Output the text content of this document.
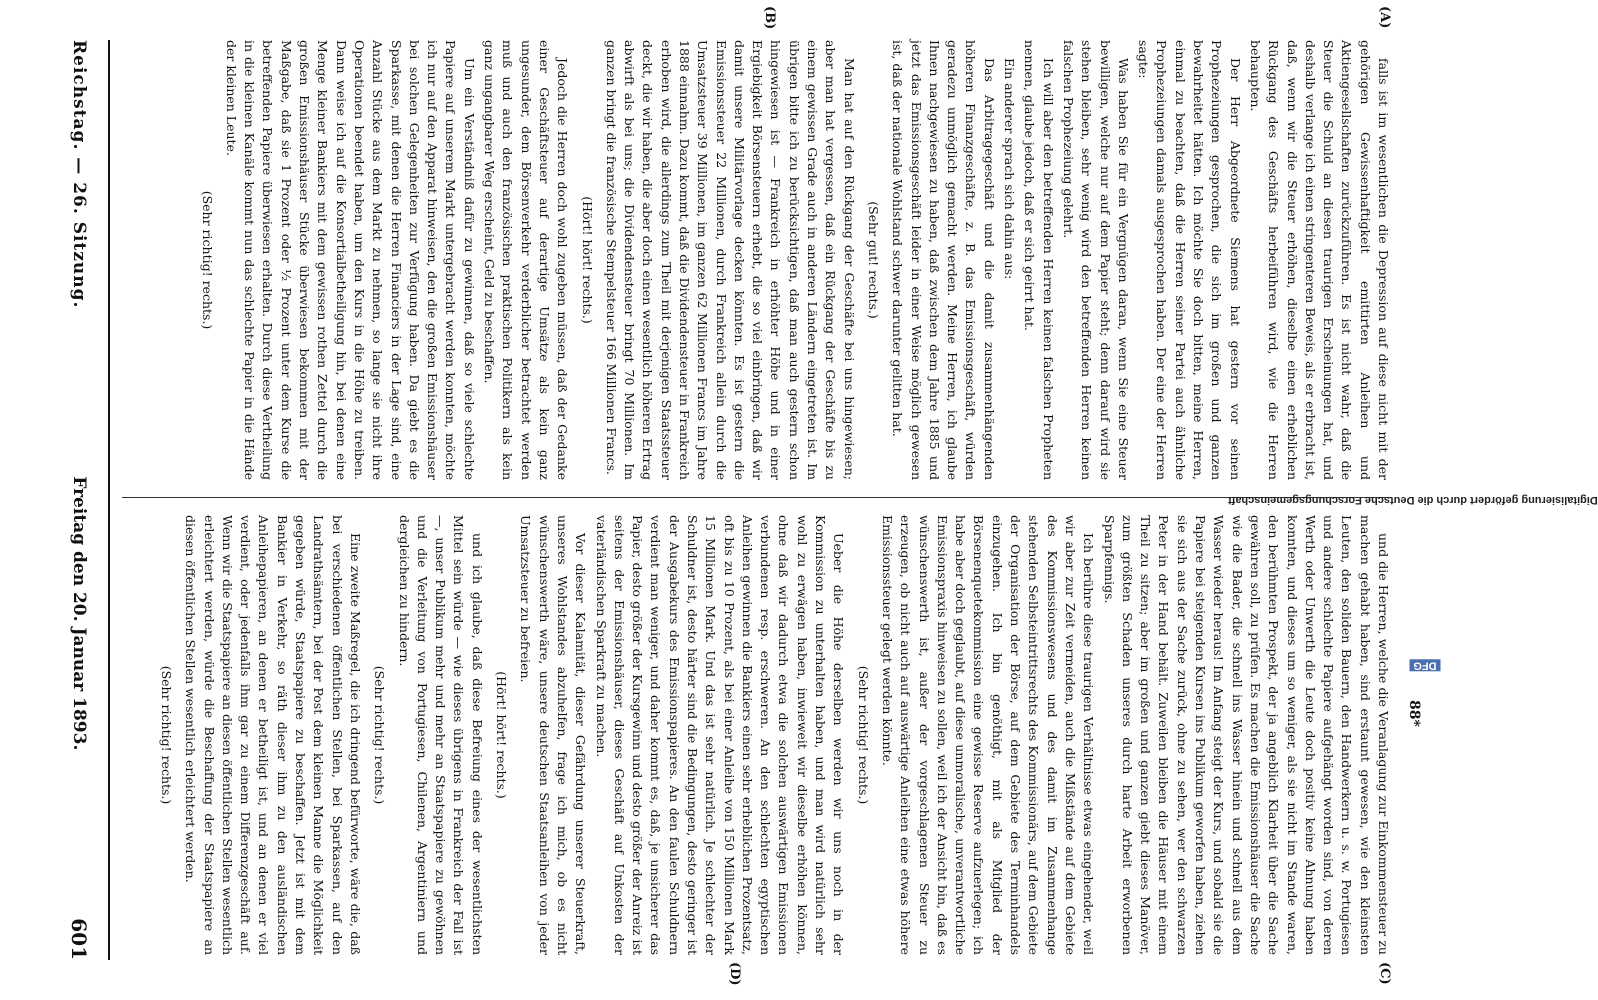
Reichstag. — 26. Sitzung.
Freitag den 20. Januar 1893.
601
(A)
(B)
(C)
(D)

falls ist im wesentlichen die Depression auf diese nicht mit der gehörigen Gewissenhaftigkeit emittirten Anleihen und Aktiengesellschaften zurückzuführen. Es ist nicht wahr, daß die Steuer die Schuld an diesen traurigen Erscheinungen hat, und deshalb verlange ich einen stringenteren Beweis, als er erbracht ist, daß, wenn wir die Steuer erhöhen, dieselbe einen erheblichen Rückgang des Geschäfts herbeiführen wird, wie die Herren behaupten.

Der Herr Abgeordnete Siemens hat gestern vor seinen Prophezeiungen gesprochen, die sich im großen und ganzen bewahrheitet hätten. Ich möchte Sie doch bitten, meine Herren, einmal zu beachten, daß die Herren seiner Partei auch ähnliche Prophezeiungen damals ausgesprochen haben. Der eine der Herren sagte:

Was haben Sie für ein Vergnügen daran, wenn Sie eine Steuer bewilligen, welche nur auf dem Papier steht; denn darauf wird sie stehen bleiben, sehr wenig wird den betreffenden Herren keinen falschen Prophezeiung gelehrt.

Ich will aber den betreffenden Herren keinen falschen Propheten nennen, glaube jedoch, daß er sich geirrt hat.

Ein anderer sprach sich dahin aus:

Das Arbitragegeschäft und die damit zusammenhängenden höheren Finanzgeschäfte, z. B. das Emissionsgeschäft, würden geradezu unmöglich gemacht werden. Meine Herren, ich glaube Ihnen nachgewiesen zu haben, daß zwischen dem Jahre 1885 und jetzt das Emissionsgeschäft leider in einer Weise möglich gewesen ist, daß der nationale Wohlstand schwer darunter gelitten hat.

(Sehr gut! rechts.)

Man hat auf den Rückgang der Geschäfte bei uns hingewiesen; aber man hat vergessen, daß ein Rückgang der Geschäfte bis zu einem gewissen Grade auch in anderen Ländern eingetreten ist. Im übrigen bitte ich zu berücksichtigen, daß man auch gestern schon hingewiesen ist — Frankreich in erhöhter Höhe und in einer Ergiebigkeit Börsensteuern erhebt, die so viel einbringen, daß wir damit unsere Militärvorlage decken könnten. Es ist gestern die Emissionssteuer 22 Millionen, durch Frankreich allein durch die Umsatzsteuer 39 Millionen, im ganzen 62 Millionen Francs im Jahre 1888 einnahm. Dazu kommt, daß die Dividendensteuer in Frankreich erhoben wird, die allerdings zum Theil mit derjenigen Staatssteuer deckt, die wir haben, die aber doch einen wesentlich höheren Ertrag abwirft als bei uns; die Dividendensteuer bringt 70 Millionen. Im ganzen bringt die französische Stempelsteuer 166 Millionen Francs.

(Hört! hört! rechts.)

Jedoch die Herren doch wohl zugeben müssen, daß der Gedanke einer Geschäftsteuer auf derartige Umsätze als kein ganz ungesunder, dem Börsenverkehr verderblicher betrachtet werden muß und auch den französischen praktischen Politikern als kein ganz ungangbarer Weg erscheint, Geld zu beschaffen.

Um ein Verständniß dafür zu gewinnen, daß so viele schlechte Papiere auf unserem Markt untergebracht werden konnten, möchte ich nur auf den Apparat hinweisen, den die großen Emissionshäuser bei solchen Gelegenheiten zur Verfügung haben. Da giebt es die Sparkasse, mit denen die Herren Financiers in der Lage sind, eine Anzahl Stücke aus dem Markt zu nehmen, so lange sie nicht ihre Operationen beendet haben, um den Kurs in die Höhe zu treiben. Dann weise ich auf die Konsortialbetheiligung hin, bei denen eine Menge kleiner Bankiers mit dem gewissen rothen Zettel durch die großen Emissionshäuser Stücke überwiesen bekommen mit der Maßgabe, daß sie 1 Prozent oder ½ Prozent unter dem Kurse die betreffenden Papiere überwiesen erhalten. Durch diese Vertheilung in die kleinen Kanäle kommt nun das schlechte Papier in die Hände der kleinen Leute.

(Sehr richtig! rechts.)

und die Herren, welche die Veranlagung zur Einkommensteuer zu machen gehabt haben, sind erstaunt gewesen, wie den kleinsten Leuten, den soliden Bauern, den Handwerkern u. s. w. Portugiesen und andere schlechte Papiere aufgehängt worden sind, von deren Werth oder Unwerth die Leute doch positiv keine Ahnung haben konnten, und dieses um so weniger, als sie nicht im Stande waren, den berühmten Prospekt, der ja angeblich Klarheit über die Sache gewähren soll, zu prüfen. Es machen die Emissionshäuser die Sache wie die Bader, die schnell ins Wasser hinein und schnell aus dem Wasser wieder heraus! Im Anfang steigt der Kurs, und sobald sie die Papiere bei steigenden Kursen ins Publikum geworfen haben, ziehen sie sich aus der Sache zurück, ohne zu sehen, wer den schwarzen Peter in der Hand behält. Zuweilen bleiben die Häuser mit einem Theil zu sitzen; aber im großen und ganzen giebt dieses Manöver, zum größten Schaden unseres durch harte Arbeit erworbenen Sparpfennigs.

Ich berühre diese traurigen Verhältnisse etwas eingehender, weil wir aber zur Zeit vermeiden, auch die Mißstände auf dem Gebiete des Kommissionswesens und des damit im Zusammenhange stehenden Selbsteintrittsrechts des Kommissionärs, auf dem Gebiete der Organisation der Börse, auf dem Gebiete des Terminhandels einzugehen. Ich bin genöthigt, mit als Mitglied der Börsenenquetekommission eine gewisse Reserve aufzuerlegen; ich habe aber doch geglaubt, auf diese unmoralische, unverantwortliche Emissionspraxis hinweisen zu sollen, weil ich der Ansicht bin, daß es wünschenswerth ist, außer der vorgeschlagenen Steuer zu erzeugen, ob nicht auch auf auswärtige Anleihen eine etwas höhere Emissionssteuer gelegt werden könnte.

(Sehr richtig! rechts.)

Ueber die Höhe derselben werden wir uns noch in der Kommission zu unterhalten haben, und man wird natürlich sehr wohl zu erwägen haben, inwieweit wir dieselbe erhöhen können, ohne daß wir dadurch etwa die solchen auswärtigen Emissionen verbundenen resp. erschweren. An den schlechten egyptischen Anleihen gewinnen die Bankiers einen sehr erheblichen Prozentsatz, oft bis zu 10 Prozent, als bei einer Anleihe von 150 Millionen Mark 15 Millionen Mark. Und das ist sehr natürlich. Je schlechter der Schuldner ist, desto härter sind die Bedingungen, desto geringer ist der Ausgabekurs des Emissionspapieres. An den faulen Schuldnern verdient man weniger, und daher kommt es, daß, je unsicherer das Papier, desto größer der Kursgewinn und desto größer der Anreiz ist seitens der Emissionshäuser, dieses Geschäft auf Unkosten der vaterländischen Sparkraft zu machen.

Vor dieser Kalamität, dieser Gefährdung unserer Steuerkraft, unseres Wohlstandes abzuhelfen, frage ich mich, ob es nicht wünschenswerth wäre, unsere deutschen Staatsanleihen von jeder Umsatzsteuer zu befreien.

(Hört! hört! rechts.)

und ich glaube, daß diese Befreiung eines der wesentlichsten Mittel sein würde — wie dieses übrigens in Frankreich der Fall ist —, unser Publikum mehr und mehr an Staatspapiere zu gewöhnen und die Verleitung von Portugiesen, Chilenen, Argentiniern und dergleichen zu hindern.

(Sehr richtig! rechts.)

Eine zweite Maßregel, die ich dringend befürworte, wäre die, daß bei verschiedenen öffentlichen Stellen, bei Sparkassen, auf den Landrathsämtern, bei der Post dem kleinen Manne die Möglichkeit gegeben würde, Staatspapiere zu beschaffen. Jetzt ist mit dem Bankier in Verkehr, so räth dieser ihm zu den ausländischen Anleihepapieren, an denen er betheiligt ist, und an denen er viel verdient, oder jedenfalls ihm gar zu einem Differenzgeschäft auf. Wenn wir die Staatspapiere an diesen öffentlichen Stellen wesentlich erleichtert werden, würde die Beschaffung der Staatspapiere an diesen öffentlichen Stellen wesentlich erleichtert werden.

(Sehr richtig! rechts.)	88*
Digitalisierung gefördert durch die Deutsche Forschungsgemeinschaft
DFG
